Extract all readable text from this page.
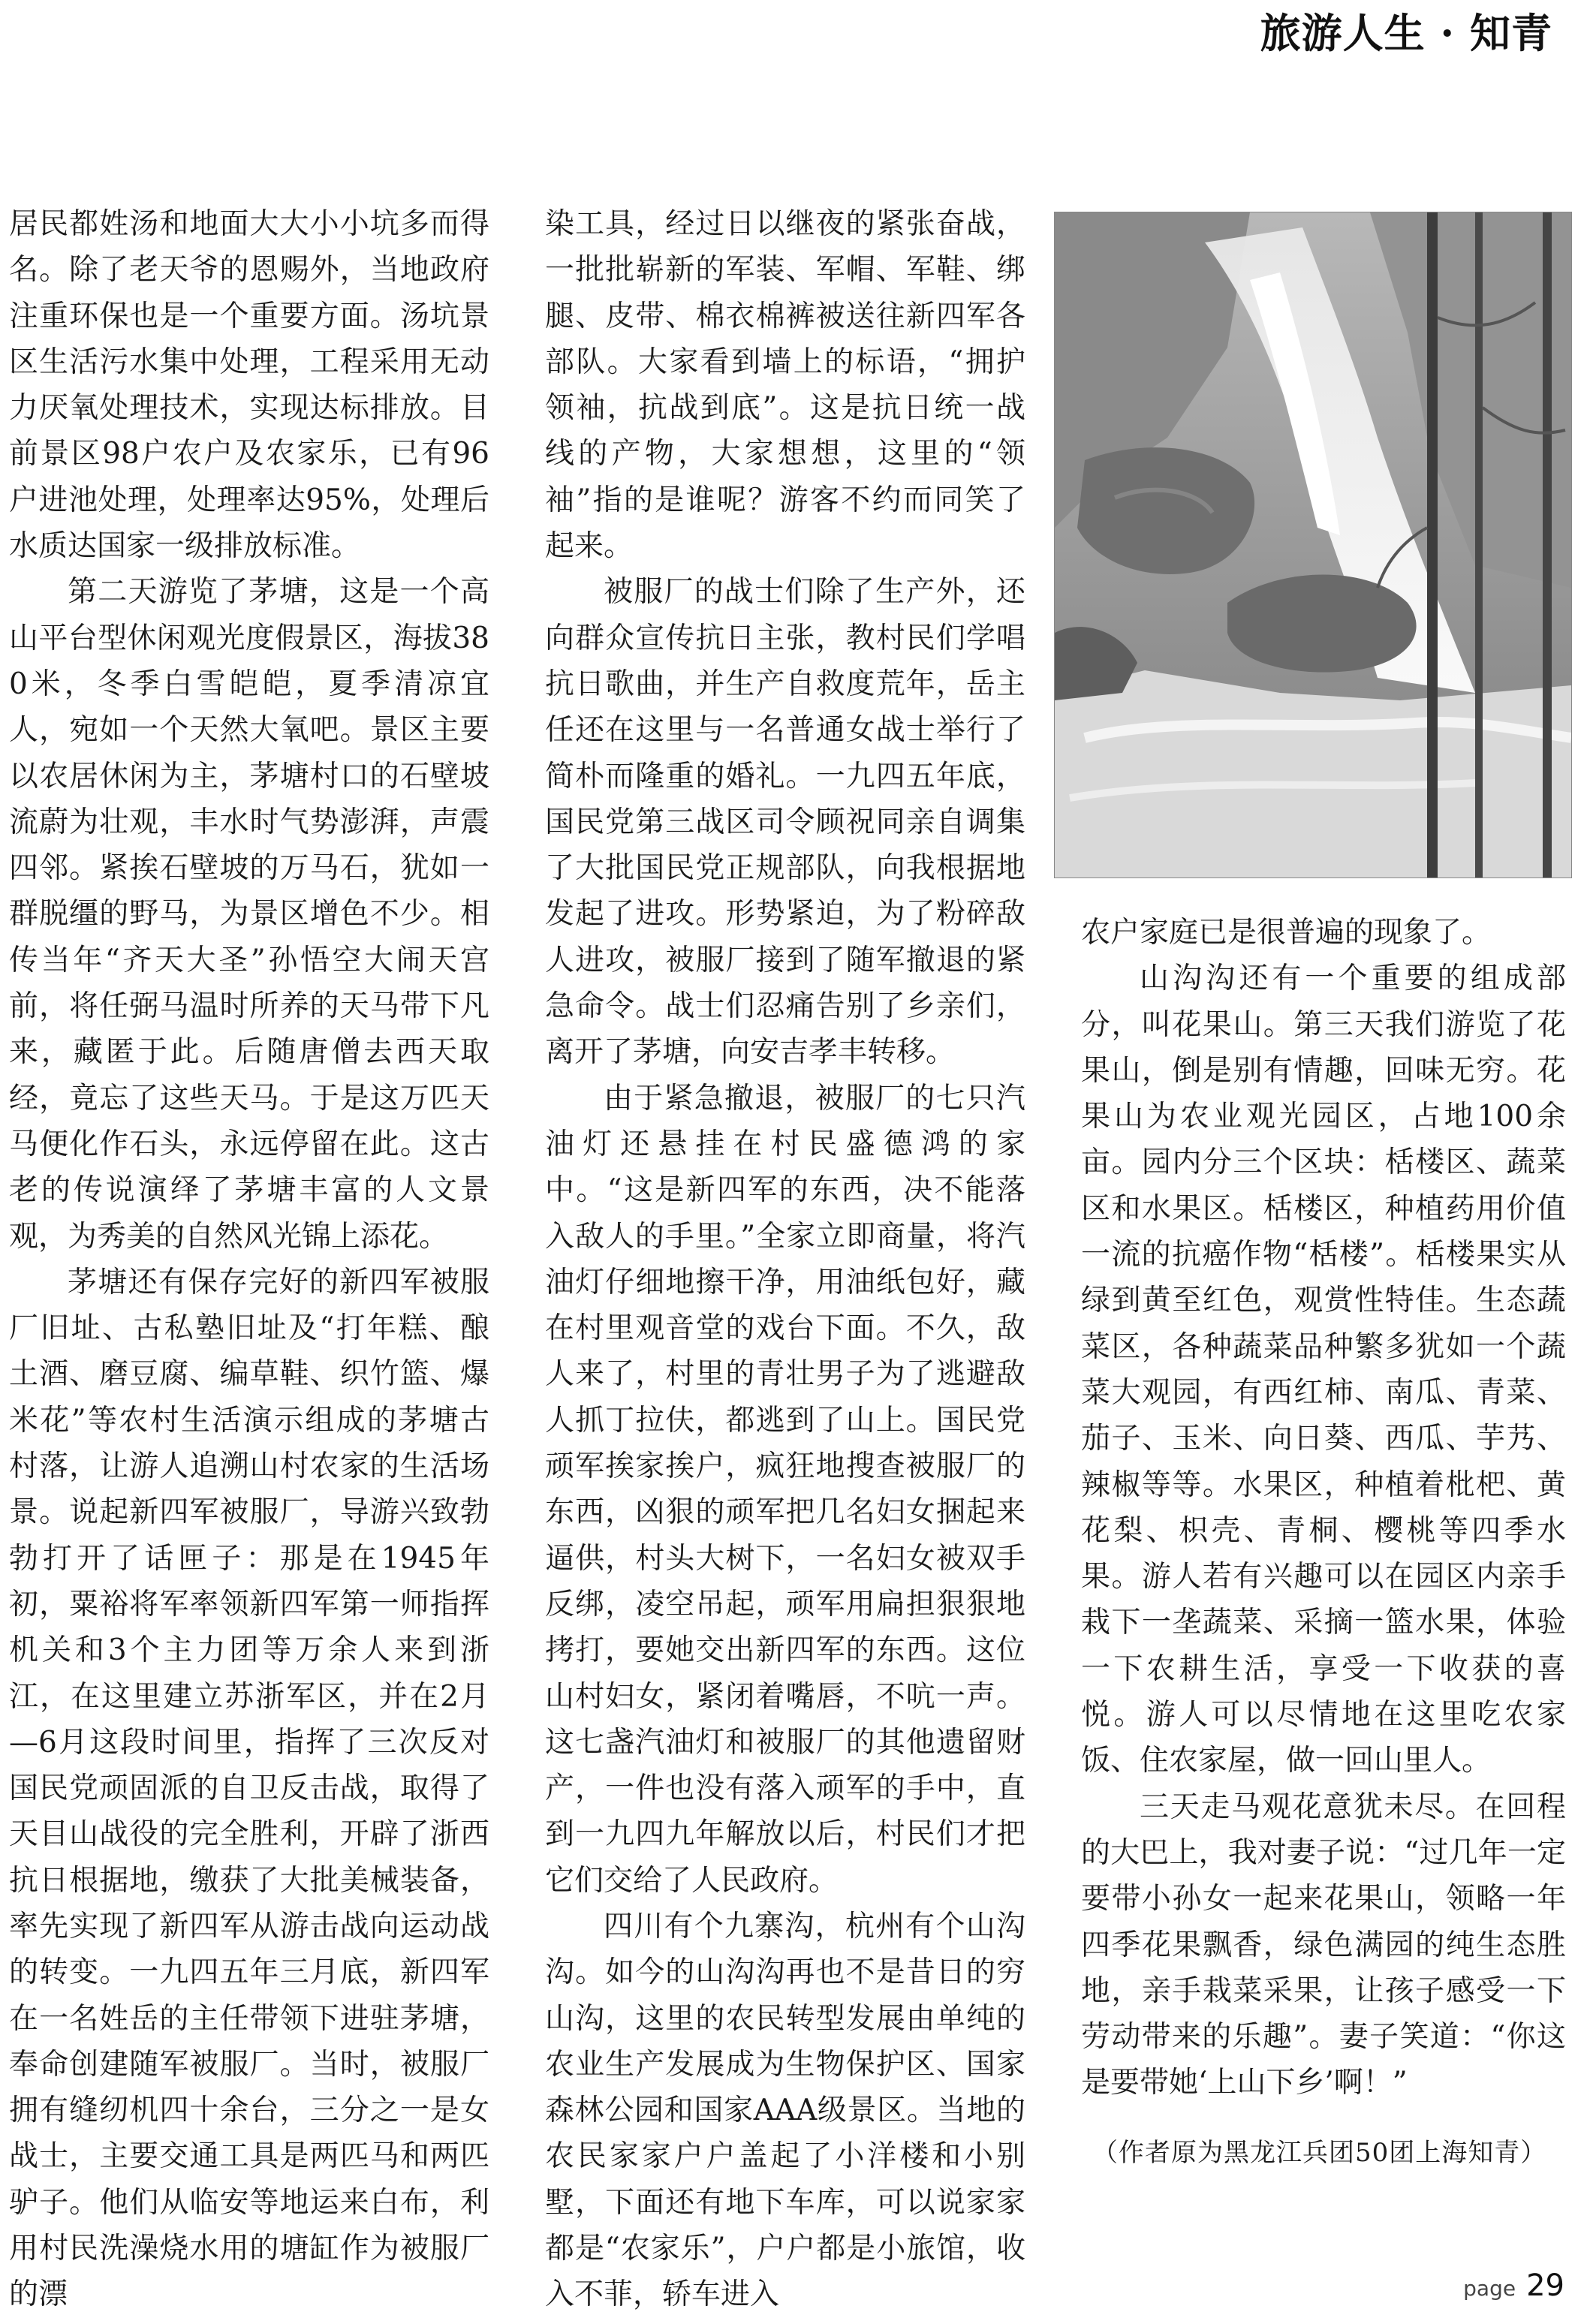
旅游人生 · 知青

居民都姓汤和地面大大小小坑多而得名。除了老天爷的恩赐外，当地政府注重环保也是一个重要方面。汤坑景区生活污水集中处理，工程采用无动力厌氧处理技术，实现达标排放。目前景区98户农户及农家乐，已有96户进池处理，处理率达95%，处理后水质达国家一级排放标准。

第二天游览了茅塘，这是一个高山平台型休闲观光度假景区，海拔380米，冬季白雪皑皑，夏季清凉宜人，宛如一个天然大氧吧。景区主要以农居休闲为主，茅塘村口的石壁坡流蔚为壮观，丰水时气势澎湃，声震四邻。紧挨石壁坡的万马石，犹如一群脱缰的野马，为景区增色不少。相传当年“齐天大圣”孙悟空大闹天宫前，将任弼马温时所养的天马带下凡来，藏匿于此。后随唐僧去西天取经，竟忘了这些天马。于是这万匹天马便化作石头，永远停留在此。这古老的传说演绎了茅塘丰富的人文景观，为秀美的自然风光锦上添花。

茅塘还有保存完好的新四军被服厂旧址、古私塾旧址及“打年糕、酿土酒、磨豆腐、编草鞋、织竹篮、爆米花”等农村生活演示组成的茅塘古村落，让游人追溯山村农家的生活场景。说起新四军被服厂，导游兴致勃勃打开了话匣子：那是在1945年初，粟裕将军率领新四军第一师指挥机关和3个主力团等万余人来到浙江，在这里建立苏浙军区，并在2月—6月这段时间里，指挥了三次反对国民党顽固派的自卫反击战，取得了天目山战役的完全胜利，开辟了浙西抗日根据地，缴获了大批美械装备，率先实现了新四军从游击战向运动战的转变。一九四五年三月底，新四军在一名姓岳的主任带领下进驻茅塘，奉命创建随军被服厂。当时，被服厂拥有缝纫机四十余台，三分之一是女战士，主要交通工具是两匹马和两匹驴子。他们从临安等地运来白布，利用村民洗澡烧水用的塘缸作为被服厂的漂

染工具，经过日以继夜的紧张奋战，一批批崭新的军装、军帽、军鞋、绑腿、皮带、棉衣棉裤被送往新四军各部队。大家看到墙上的标语，“拥护领袖，抗战到底”。这是抗日统一战线的产物，大家想想，这里的“领袖”指的是谁呢？游客不约而同笑了起来。

被服厂的战士们除了生产外，还向群众宣传抗日主张，教村民们学唱抗日歌曲，并生产自救度荒年，岳主任还在这里与一名普通女战士举行了简朴而隆重的婚礼。一九四五年底，国民党第三战区司令顾祝同亲自调集了大批国民党正规部队，向我根据地发起了进攻。形势紧迫，为了粉碎敌人进攻，被服厂接到了随军撤退的紧急命令。战士们忍痛告别了乡亲们，离开了茅塘，向安吉孝丰转移。

由于紧急撤退，被服厂的七只汽油灯还悬挂在村民盛德鸿的家中。“这是新四军的东西，决不能落入敌人的手里。”全家立即商量，将汽油灯仔细地擦干净，用油纸包好，藏在村里观音堂的戏台下面。不久，敌人来了，村里的青壮男子为了逃避敌人抓丁拉伕，都逃到了山上。国民党顽军挨家挨户，疯狂地搜查被服厂的东西，凶狠的顽军把几名妇女捆起来逼供，村头大树下，一名妇女被双手反绑，凌空吊起，顽军用扁担狠狠地拷打，要她交出新四军的东西。这位山村妇女，紧闭着嘴唇，不吭一声。这七盏汽油灯和被服厂的其他遗留财产，一件也没有落入顽军的手中，直到一九四九年解放以后，村民们才把它们交给了人民政府。

四川有个九寨沟，杭州有个山沟沟。如今的山沟沟再也不是昔日的穷山沟，这里的农民转型发展由单纯的农业生产发展成为生物保护区、国家森林公园和国家AAA级景区。当地的农民家家户户盖起了小洋楼和小别墅，下面还有地下车库，可以说家家都是“农家乐”，户户都是小旅馆，收入不菲，轿车进入

农户家庭已是很普遍的现象了。

山沟沟还有一个重要的组成部分，叫花果山。第三天我们游览了花果山，倒是别有情趣，回味无穷。花果山为农业观光园区，占地100余亩。园内分三个区块：栝楼区、蔬菜区和水果区。栝楼区，种植药用价值一流的抗癌作物“栝楼”。栝楼果实从绿到黄至红色，观赏性特佳。生态蔬菜区，各种蔬菜品种繁多犹如一个蔬菜大观园，有西红柿、南瓜、青菜、茄子、玉米、向日葵、西瓜、芋艿、辣椒等等。水果区，种植着枇杷、黄花梨、枳壳、青桐、樱桃等四季水果。游人若有兴趣可以在园区内亲手栽下一垄蔬菜、采摘一篮水果，体验一下农耕生活，享受一下收获的喜悦。游人可以尽情地在这里吃农家饭、住农家屋，做一回山里人。

三天走马观花意犹未尽。在回程的大巴上，我对妻子说：“过几年一定要带小孙女一起来花果山，领略一年四季花果飘香，绿色满园的纯生态胜地，亲手栽菜采果，让孩子感受一下劳动带来的乐趣”。妻子笑道：“你这是要带她‘上山下乡’啊！”

（作者原为黑龙江兵团50团上海知青）
page 29
